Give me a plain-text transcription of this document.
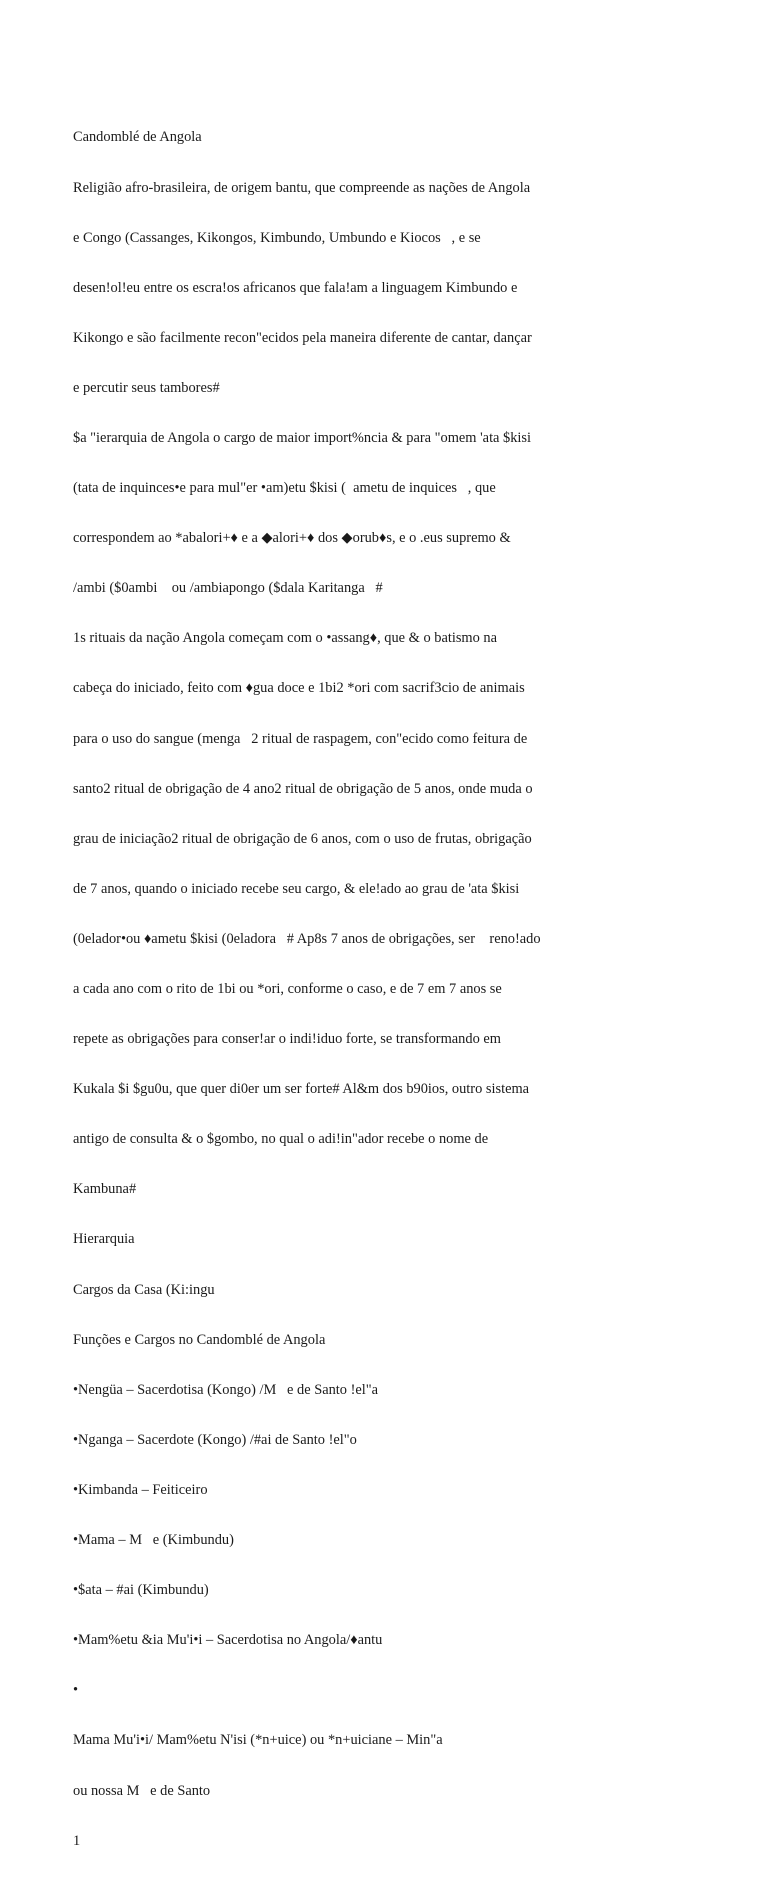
Candomblé de Angola

Religião afro-brasileira, de origem bantu, que compreende as nações de Angola

e Congo (Cassanges, Kikongos, Kimbundo, Umbundo e Kiocos   , e se

desen!ol!eu entre os escra!os africanos que fala!am a linguagem Kimbundo e

Kikongo e são facilmente recon"ecidos pela maneira diferente de cantar, dançar

e percutir seus tambores#

$a "ierarquia de Angola o cargo de maior import%ncia & para "omem 'ata $kisi

(tata de inquinces•e para mul"er •am)etu $kisi (  ametu de inquices   , que

correspondem ao *abalori+♦ e a ◆alori+♦ dos ◆orub♦s, e o .eus supremo &

/ambi ($0ambi    ou /ambiapongo ($dala Karitanga   #

1s rituais da nação Angola começam com o •assang♦, que & o batismo na

cabeça do iniciado, feito com ♦gua doce e 1bi2 *ori com sacrif3cio de animais

para o uso do sangue (menga   2 ritual de raspagem, con"ecido como feitura de

santo2 ritual de obrigação de 4 ano2 ritual de obrigação de 5 anos, onde muda o

grau de iniciação2 ritual de obrigação de 6 anos, com o uso de frutas, obrigação

de 7 anos, quando o iniciado recebe seu cargo, & ele!ado ao grau de 'ata $kisi

(0elador•ou ♦ametu $kisi (0eladora   # Ap8s 7 anos de obrigações, ser    reno!ado

a cada ano com o rito de 1bi ou *ori, conforme o caso, e de 7 em 7 anos se

repete as obrigações para conser!ar o indi!iduo forte, se transformando em

Kukala $i $gu0u, que quer di0er um ser forte# Al&m dos b90ios, outro sistema

antigo de consulta & o $gombo, no qual o adi!in"ador recebe o nome de

Kambuna#

Hierarquia

Cargos da Casa (Ki:ingu

Funções e Cargos no Candomblé de Angola

•Nengüa – Sacerdotisa (Kongo) /M   e de Santo !el"a

•Nganga – Sacerdote (Kongo) /#ai de Santo !el"o

•Kimbanda – Feiticeiro

•Mama – M   e (Kimbundu)

•$ata – #ai (Kimbundu)

•Mam%etu &ia Mu'i•i – Sacerdotisa no Angola/♦antu

•

Mama Mu'i•i/ Mam%etu N'isi (*n+uice) ou *n+uiciane – Min"a

ou nossa M   e de Santo

1
